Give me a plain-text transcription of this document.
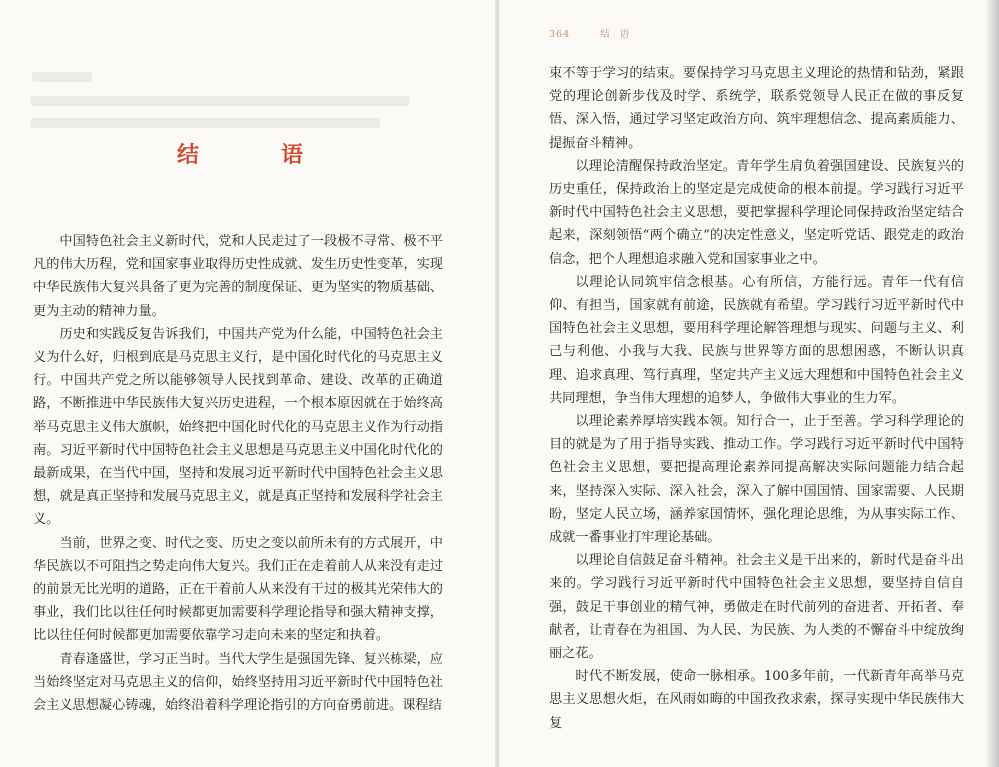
结　语

中国特色社会主义新时代，党和人民走过了一段极不寻常、极不平凡的伟大历程，党和国家事业取得历史性成就、发生历史性变革，实现中华民族伟大复兴具备了更为完善的制度保证、更为坚实的物质基础、更为主动的精神力量。

历史和实践反复告诉我们，中国共产党为什么能，中国特色社会主义为什么好，归根到底是马克思主义行，是中国化时代化的马克思主义行。中国共产党之所以能够领导人民找到革命、建设、改革的正确道路，不断推进中华民族伟大复兴历史进程，一个根本原因就在于始终高举马克思主义伟大旗帜，始终把中国化时代化的马克思主义作为行动指南。习近平新时代中国特色社会主义思想是马克思主义中国化时代化的最新成果，在当代中国，坚持和发展习近平新时代中国特色社会主义思想，就是真正坚持和发展马克思主义，就是真正坚持和发展科学社会主义。

当前，世界之变、时代之变、历史之变以前所未有的方式展开，中华民族以不可阻挡之势走向伟大复兴。我们正在走着前人从来没有走过的前景无比光明的道路，正在干着前人从来没有干过的极其光荣伟大的事业，我们比以往任何时候都更加需要科学理论指导和强大精神支撑，比以往任何时候都更加需要依靠学习走向未来的坚定和执着。

青春逢盛世，学习正当时。当代大学生是强国先锋、复兴栋梁，应当始终坚定对马克思主义的信仰，始终坚持用习近平新时代中国特色社会主义思想凝心铸魂，始终沿着科学理论指引的方向奋勇前进。课程结

364	结语

束不等于学习的结束。要保持学习马克思主义理论的热情和钻劲，紧跟党的理论创新步伐及时学、系统学，联系党领导人民正在做的事反复悟、深入悟，通过学习坚定政治方向、筑牢理想信念、提高素质能力、提振奋斗精神。

以理论清醒保持政治坚定。青年学生肩负着强国建设、民族复兴的历史重任，保持政治上的坚定是完成使命的根本前提。学习践行习近平新时代中国特色社会主义思想，要把掌握科学理论同保持政治坚定结合起来，深刻领悟“两个确立”的决定性意义，坚定听党话、跟党走的政治信念，把个人理想追求融入党和国家事业之中。

以理论认同筑牢信念根基。心有所信，方能行远。青年一代有信仰、有担当，国家就有前途，民族就有希望。学习践行习近平新时代中国特色社会主义思想，要用科学理论解答理想与现实、问题与主义、利己与利他、小我与大我、民族与世界等方面的思想困惑，不断认识真理、追求真理、笃行真理，坚定共产主义远大理想和中国特色社会主义共同理想，争当伟大理想的追梦人，争做伟大事业的生力军。

以理论素养厚培实践本领。知行合一，止于至善。学习科学理论的目的就是为了用于指导实践、推动工作。学习践行习近平新时代中国特色社会主义思想，要把提高理论素养同提高解决实际问题能力结合起来，坚持深入实际、深入社会，深入了解中国国情、国家需要、人民期盼，坚定人民立场，涵养家国情怀，强化理论思维，为从事实际工作、成就一番事业打牢理论基础。

以理论自信鼓足奋斗精神。社会主义是干出来的，新时代是奋斗出来的。学习践行习近平新时代中国特色社会主义思想，要坚持自信自强，鼓足干事创业的精气神，勇做走在时代前列的奋进者、开拓者、奉献者，让青春在为祖国、为人民、为民族、为人类的不懈奋斗中绽放绚丽之花。

时代不断发展，使命一脉相承。100多年前，一代新青年高举马克思主义思想火炬，在风雨如晦的中国孜孜求索，探寻实现中华民族伟大复
